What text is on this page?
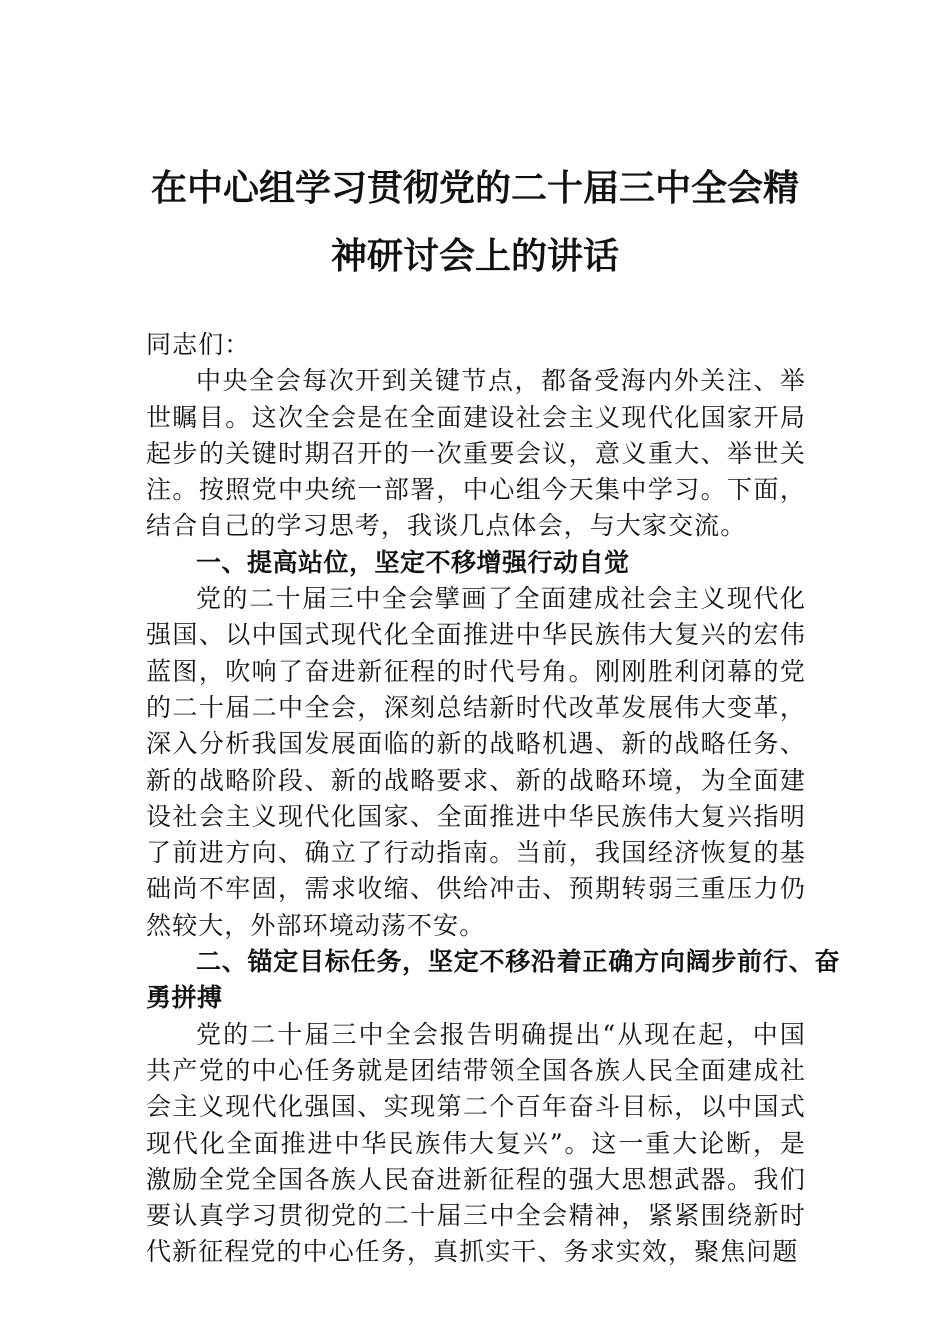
在中心组学习贯彻党的二十届三中全会精
神研讨会上的讲话

同志们：

中央全会每次开到关键节点，都备受海内外关注、举世瞩目。这次全会是在全面建设社会主义现代化国家开局起步的关键时期召开的一次重要会议，意义重大、举世关注。按照党中央统一部署，中心组今天集中学习。下面，结合自己的学习思考，我谈几点体会，与大家交流。

一、提高站位，坚定不移增强行动自觉

党的二十届三中全会擘画了全面建成社会主义现代化强国、以中国式现代化全面推进中华民族伟大复兴的宏伟蓝图，吹响了奋进新征程的时代号角。刚刚胜利闭幕的党的二十届二中全会，深刻总结新时代改革发展伟大变革，深入分析我国发展面临的新的战略机遇、新的战略任务、新的战略阶段、新的战略要求、新的战略环境，为全面建设社会主义现代化国家、全面推进中华民族伟大复兴指明了前进方向、确立了行动指南。当前，我国经济恢复的基础尚不牢固，需求收缩、供给冲击、预期转弱三重压力仍然较大，外部环境动荡不安。

二、锚定目标任务，坚定不移沿着正确方向阔步前行、奋勇拼搏

党的二十届三中全会报告明确提出“从现在起，中国共产党的中心任务就是团结带领全国各族人民全面建成社会主义现代化强国、实现第二个百年奋斗目标，以中国式现代化全面推进中华民族伟大复兴”。这一重大论断，是激励全党全国各族人民奋进新征程的强大思想武器。我们要认真学习贯彻党的二十届三中全会精神，紧紧围绕新时代新征程党的中心任务，真抓实干、务求实效，聚焦问题
